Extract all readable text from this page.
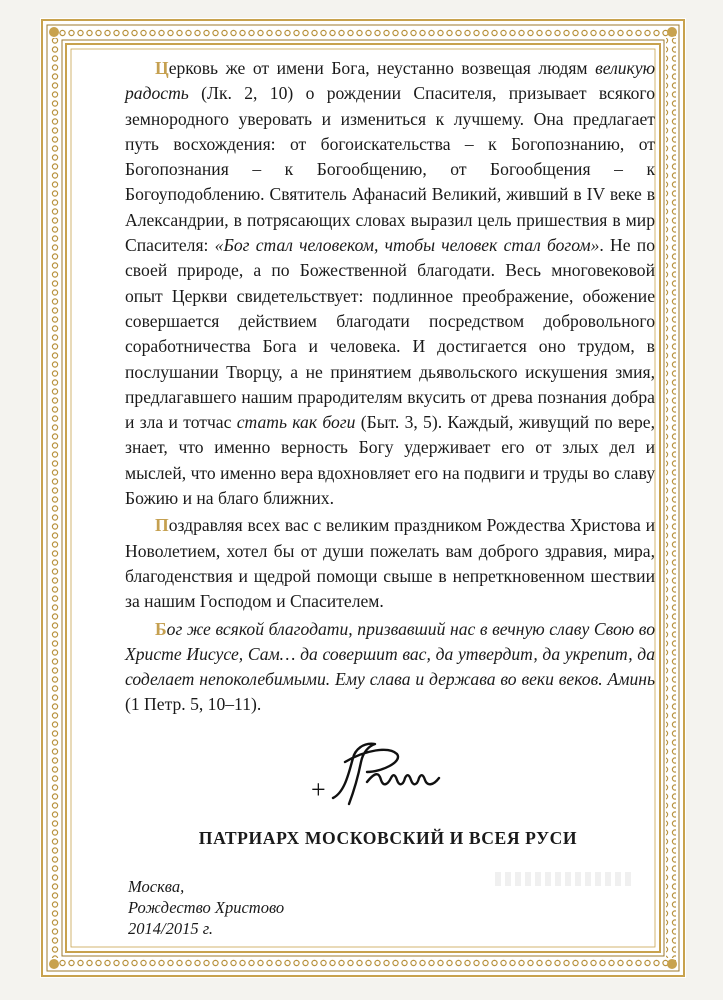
Церковь же от имени Бога, неустанно возвещая людям великую радость (Лк. 2, 10) о рождении Спасителя, призывает всякого земнородного уверовать и измениться к лучшему. Она предлагает путь восхождения: от богоискательства – к Богопознанию, от Богопознания – к Богообщению, от Богообщения – к Богоуподоблению. Святитель Афанасий Великий, живший в IV веке в Александрии, в потрясающих словах выразил цель пришествия в мир Спасителя: «Бог стал человеком, чтобы человек стал богом». Не по своей природе, а по Божественной благодати. Весь многовековой опыт Церкви свидетельствует: подлинное преображение, обожение совершается действием благодати посредством добровольного соработничества Бога и человека. И достигается оно трудом, в послушании Творцу, а не принятием дьявольского искушения змия, предлагавшего нашим прародителям вкусить от древа познания добра и зла и тотчас стать как боги (Быт. 3, 5). Каждый, живущий по вере, знает, что именно верность Богу удерживает его от злых дел и мыслей, что именно вера вдохновляет его на подвиги и труды во славу Божию и на благо ближних.

Поздравляя всех вас с великим праздником Рождества Христова и Новолетием, хотел бы от души пожелать вам доброго здравия, мира, благоденствия и щедрой помощи свыше в непреткновенном шествии за нашим Господом и Спасителем.

Бог же всякой благодати, призвавший нас в вечную славу Свою во Христе Иисусе, Сам… да совершит вас, да утвердит, да укрепит, да соделает непоколебимыми. Ему слава и держава во веки веков. Аминь (1 Петр. 5, 10–11).

+
ПАТРИАРХ МОСКОВСКИЙ И ВСЕЯ РУСИ
Москва,
Рождество Христово
2014/2015 г.
